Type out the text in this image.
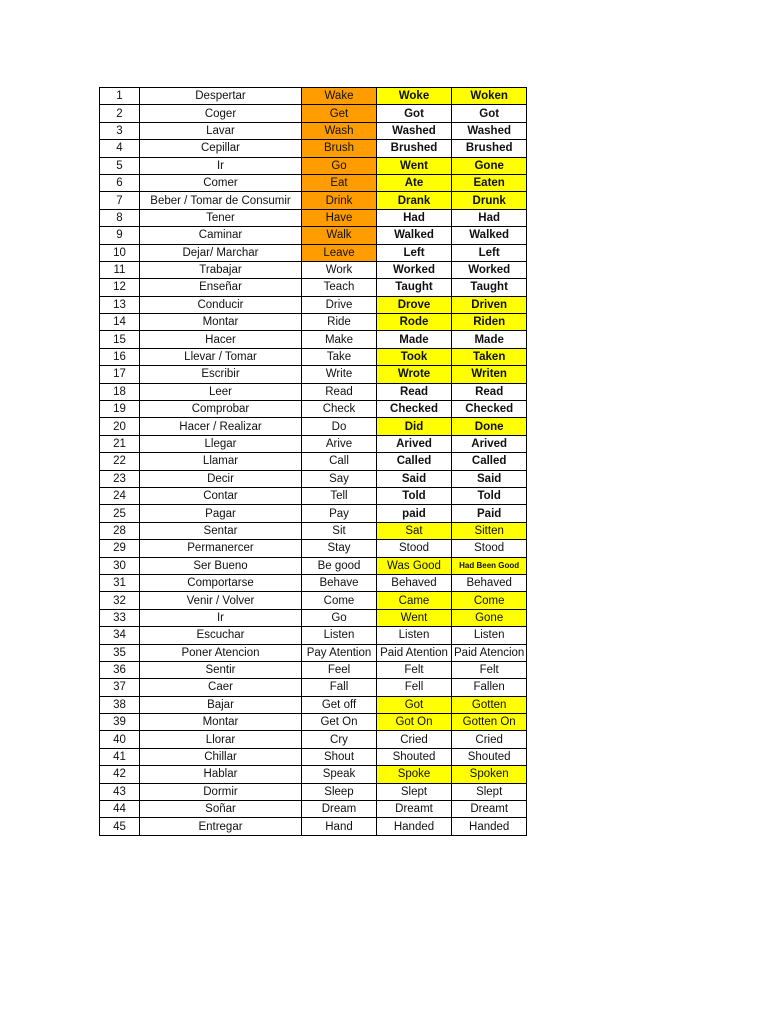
1	Despertar	Wake	Woke	Woken
2	Coger	Get	Got	Got
3	Lavar	Wash	Washed	Washed
4	Cepillar	Brush	Brushed	Brushed
5	Ir	Go	Went	Gone
6	Comer	Eat	Ate	Eaten
7	Beber / Tomar de Consumir	Drink	Drank	Drunk
8	Tener	Have	Had	Had
9	Caminar	Walk	Walked	Walked
10	Dejar/ Marchar	Leave	Left	Left
11	Trabajar	Work	Worked	Worked
12	Enseñar	Teach	Taught	Taught
13	Conducir	Drive	Drove	Driven
14	Montar	Ride	Rode	Riden
15	Hacer	Make	Made	Made
16	Llevar / Tomar	Take	Took	Taken
17	Escribir	Write	Wrote	Writen
18	Leer	Read	Read	Read
19	Comprobar	Check	Checked	Checked
20	Hacer / Realizar	Do	Did	Done
21	Llegar	Arive	Arived	Arived
22	Llamar	Call	Called	Called
23	Decir	Say	Said	Said
24	Contar	Tell	Told	Told
25	Pagar	Pay	paid	Paid
28	Sentar	Sit	Sat	Sitten
29	Permanercer	Stay	Stood	Stood
30	Ser Bueno	Be good	Was Good	Had Been Good
31	Comportarse	Behave	Behaved	Behaved
32	Venir / Volver	Come	Came	Come
33	Ir	Go	Went	Gone
34	Escuchar	Listen	Listen	Listen
35	Poner Atencion	Pay Atention	Paid Atention	Paid Atencion
36	Sentir	Feel	Felt	Felt
37	Caer	Fall	Fell	Fallen
38	Bajar	Get off	Got	Gotten
39	Montar	Get On	Got On	Gotten On
40	Llorar	Cry	Cried	Cried
41	Chillar	Shout	Shouted	Shouted
42	Hablar	Speak	Spoke	Spoken
43	Dormir	Sleep	Slept	Slept
44	Soñar	Dream	Dreamt	Dreamt
45	Entregar	Hand	Handed	Handed
